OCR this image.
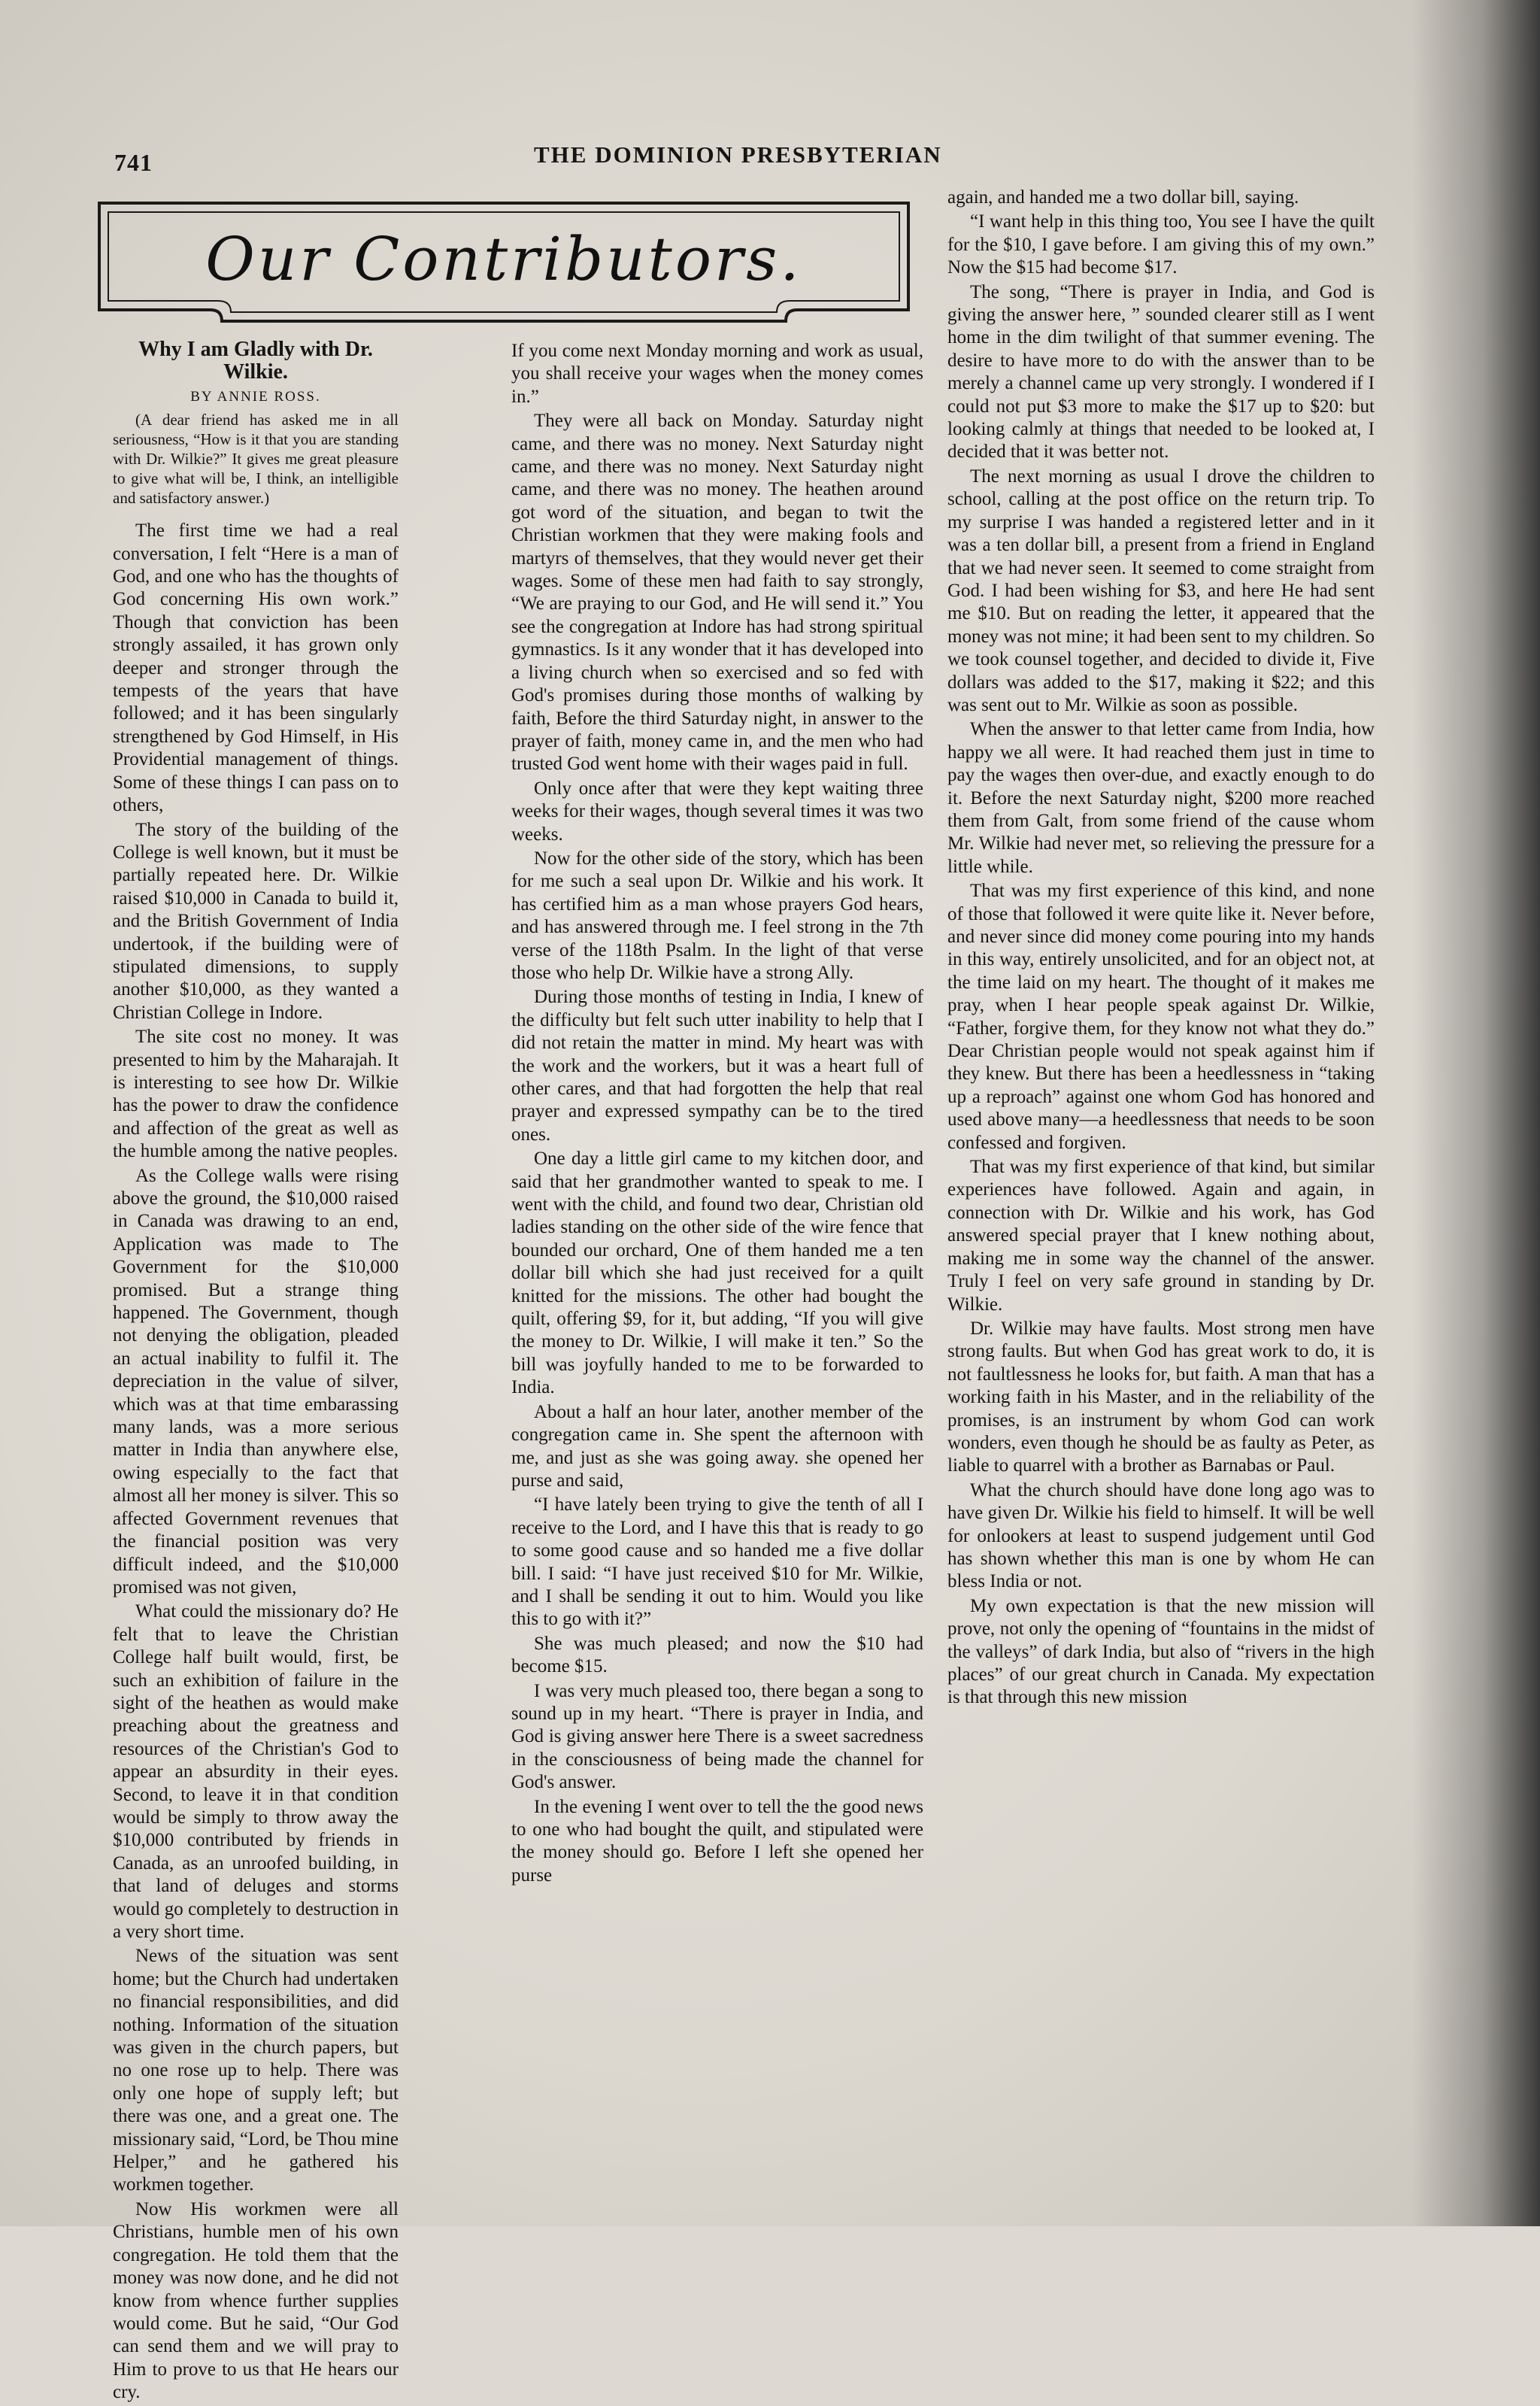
741	THE DOMINION PRESBYTERIAN
Our Contributors.

Why I am Gladly with Dr. Wilkie.

BY ANNIE ROSS.

(A dear friend has asked me in all seriousness, “How is it that you are standing with Dr. Wilkie?” It gives me great pleasure to give what will be, I think, an intelligible and satisfactory answer.)

The first time we had a real conversation, I felt “Here is a man of God, and one who has the thoughts of God concerning His own work.” Though that conviction has been strongly assailed, it has grown only deeper and stronger through the tempests of the years that have followed; and it has been singularly strengthened by God Himself, in His Providential management of things. Some of these things I can pass on to others,

The story of the building of the College is well known, but it must be partially repeated here. Dr. Wilkie raised $10,000 in Canada to build it, and the British Government of India undertook, if the building were of stipulated dimensions, to supply another $10,000, as they wanted a Christian College in Indore.

The site cost no money. It was presented to him by the Maharajah. It is interesting to see how Dr. Wilkie has the power to draw the confidence and affection of the great as well as the humble among the native peoples.

As the College walls were rising above the ground, the $10,000 raised in Canada was drawing to an end, Application was made to The Government for the $10,000 promised. But a strange thing happened. The Government, though not denying the obligation, pleaded an actual inability to fulfil it. The depreciation in the value of silver, which was at that time embarassing many lands, was a more serious matter in India than anywhere else, owing especially to the fact that almost all her money is silver. This so affected Government revenues that the financial position was very difficult indeed, and the $10,000 promised was not given,

What could the missionary do? He felt that to leave the Christian College half built would, first, be such an exhibition of failure in the sight of the heathen as would make preaching about the greatness and resources of the Christian's God to appear an absurdity in their eyes. Second, to leave it in that condition would be simply to throw away the $10,000 contributed by friends in Canada, as an unroofed building, in that land of deluges and storms would go completely to destruction in a very short time.

News of the situation was sent home; but the Church had undertaken no financial responsibilities, and did nothing. Information of the situation was given in the church papers, but no one rose up to help. There was only one hope of supply left; but there was one, and a great one. The missionary said, “Lord, be Thou mine Helper,” and he gathered his workmen together.

Now His workmen were all Christians, humble men of his own congregation. He told them that the money was now done, and he did not know from whence further supplies would come. But he said, “Our God can send them and we will pray to Him to prove to us that He hears our cry.

If you come next Monday morning and work as usual, you shall receive your wages when the money comes in.”

They were all back on Monday. Saturday night came, and there was no money. Next Saturday night came, and there was no money. Next Saturday night came, and there was no money. The heathen around got word of the situation, and began to twit the Christian workmen that they were making fools and martyrs of themselves, that they would never get their wages. Some of these men had faith to say strongly, “We are praying to our God, and He will send it.” You see the congregation at Indore has had strong spiritual gymnastics. Is it any wonder that it has developed into a living church when so exercised and so fed with God's promises during those months of walking by faith, Before the third Saturday night, in answer to the prayer of faith, money came in, and the men who had trusted God went home with their wages paid in full.

Only once after that were they kept waiting three weeks for their wages, though several times it was two weeks.

Now for the other side of the story, which has been for me such a seal upon Dr. Wilkie and his work. It has certified him as a man whose prayers God hears, and has answered through me. I feel strong in the 7th verse of the 118th Psalm. In the light of that verse those who help Dr. Wilkie have a strong Ally.

During those months of testing in India, I knew of the difficulty but felt such utter inability to help that I did not retain the matter in mind. My heart was with the work and the workers, but it was a heart full of other cares, and that had forgotten the help that real prayer and expressed sympathy can be to the tired ones.

One day a little girl came to my kitchen door, and said that her grandmother wanted to speak to me. I went with the child, and found two dear, Christian old ladies standing on the other side of the wire fence that bounded our orchard, One of them handed me a ten dollar bill which she had just received for a quilt knitted for the missions. The other had bought the quilt, offering $9, for it, but adding, “If you will give the money to Dr. Wilkie, I will make it ten.” So the bill was joyfully handed to me to be forwarded to India.

About a half an hour later, another member of the congregation came in. She spent the afternoon with me, and just as she was going away. she opened her purse and said,

“I have lately been trying to give the tenth of all I receive to the Lord, and I have this that is ready to go to some good cause and so handed me a five dollar bill. I said: “I have just received $10 for Mr. Wilkie, and I shall be sending it out to him. Would you like this to go with it?”

She was much pleased; and now the $10 had become $15.

I was very much pleased too, there began a song to sound up in my heart. “There is prayer in India, and God is giving answer here There is a sweet sacredness in the consciousness of being made the channel for God's answer.

In the evening I went over to tell the the good news to one who had bought the quilt, and stipulated were the money should go. Before I left she opened her purse

again, and handed me a two dollar bill, saying.

“I want help in this thing too, You see I have the quilt for the $10, I gave before. I am giving this of my own.” Now the $15 had become $17.

The song, “There is prayer in India, and God is giving the answer here, ” sounded clearer still as I went home in the dim twilight of that summer evening. The desire to have more to do with the answer than to be merely a channel came up very strongly. I wondered if I could not put $3 more to make the $17 up to $20: but looking calmly at things that needed to be looked at, I decided that it was better not.

The next morning as usual I drove the children to school, calling at the post office on the return trip. To my surprise I was handed a registered letter and in it was a ten dollar bill, a present from a friend in England that we had never seen. It seemed to come straight from God. I had been wishing for $3, and here He had sent me $10. But on reading the letter, it appeared that the money was not mine; it had been sent to my children. So we took counsel together, and decided to divide it, Five dollars was added to the $17, making it $22; and this was sent out to Mr. Wilkie as soon as possible.

When the answer to that letter came from India, how happy we all were. It had reached them just in time to pay the wages then over-due, and exactly enough to do it. Before the next Saturday night, $200 more reached them from Galt, from some friend of the cause whom Mr. Wilkie had never met, so relieving the pressure for a little while.

That was my first experience of this kind, and none of those that followed it were quite like it. Never before, and never since did money come pouring into my hands in this way, entirely unsolicited, and for an object not, at the time laid on my heart. The thought of it makes me pray, when I hear people speak against Dr. Wilkie, “Father, forgive them, for they know not what they do.” Dear Christian people would not speak against him if they knew. But there has been a heedlessness in “taking up a reproach” against one whom God has honored and used above many—a heedlessness that needs to be soon confessed and forgiven.

That was my first experience of that kind, but similar experiences have followed. Again and again, in connection with Dr. Wilkie and his work, has God answered special prayer that I knew nothing about, making me in some way the channel of the answer. Truly I feel on very safe ground in standing by Dr. Wilkie.

Dr. Wilkie may have faults. Most strong men have strong faults. But when God has great work to do, it is not faultlessness he looks for, but faith. A man that has a working faith in his Master, and in the reliability of the promises, is an instrument by whom God can work wonders, even though he should be as faulty as Peter, as liable to quarrel with a brother as Barnabas or Paul.

What the church should have done long ago was to have given Dr. Wilkie his field to himself. It will be well for onlookers at least to suspend judgement until God has shown whether this man is one by whom He can bless India or not.

My own expectation is that the new mission will prove, not only the opening of “fountains in the midst of the valleys” of dark India, but also of “rivers in the high places” of our great church in Canada. My expectation is that through this new mission
